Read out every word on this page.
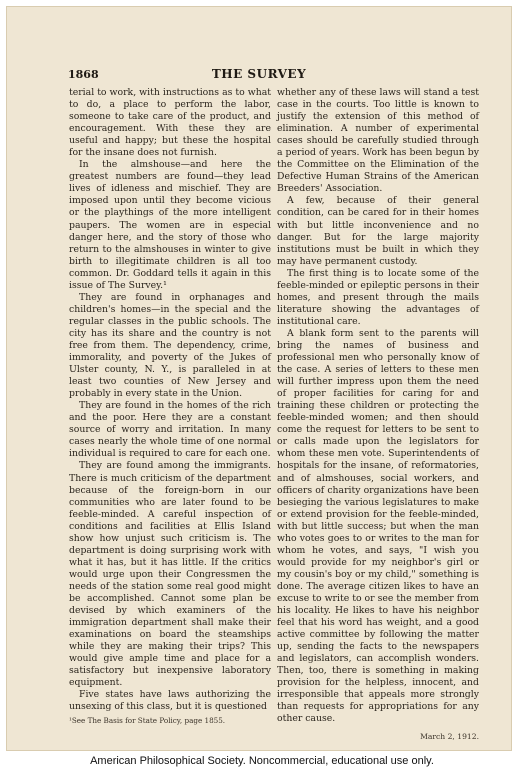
1868	THE SURVEY

terial to work, with instructions as to what to do, a place to perform the labor, someone to take care of the product, and encouragement. With these they are useful and happy; but these the hospital for the insane does not furnish.

In the almshouse—and here the greatest numbers are found—they lead lives of idleness and mischief. They are imposed upon until they become vicious or the playthings of the more intelligent paupers. The women are in especial danger here, and the story of those who return to the almshouses in winter to give birth to illegitimate children is all too common. Dr. Goddard tells it again in this issue of The Survey.¹

They are found in orphanages and children's homes—in the special and the regular classes in the public schools. The city has its share and the country is not free from them. The dependency, crime, immorality, and poverty of the Jukes of Ulster county, N. Y., is paralleled in at least two counties of New Jersey and probably in every state in the Union.

They are found in the homes of the rich and the poor. Here they are a constant source of worry and irritation. In many cases nearly the whole time of one normal individual is required to care for each one.

They are found among the immigrants. There is much criticism of the department because of the foreign-born in our communities who are later found to be feeble-minded. A careful inspection of conditions and facilities at Ellis Island show how unjust such criticism is. The department is doing surprising work with what it has, but it has little. If the critics would urge upon their Congressmen the needs of the station some real good might be accomplished. Cannot some plan be devised by which examiners of the immigration department shall make their examinations on board the steamships while they are making their trips? This would give ample time and place for a satisfactory but inexpensive laboratory equipment.

Five states have laws authorizing the unsexing of this class, but it is questioned

¹See The Basis for State Policy, page 1855.

whether any of these laws will stand a test case in the courts. Too little is known to justify the extension of this method of elimination. A number of experimental cases should be carefully studied through a period of years. Work has been begun by the Committee on the Elimination of the Defective Human Strains of the American Breeders' Association.

A few, because of their general condition, can be cared for in their homes with but little inconvenience and no danger. But for the large majority institutions must be built in which they may have permanent custody.

The first thing is to locate some of the feeble-minded or epileptic persons in their homes, and present through the mails literature showing the advantages of institutional care.

A blank form sent to the parents will bring the names of business and professional men who personally know of the case. A series of letters to these men will further impress upon them the need of proper facilities for caring for and training these children or protecting the feeble-minded women; and then should come the request for letters to be sent to or calls made upon the legislators for whom these men vote. Superintendents of hospitals for the insane, of reformatories, and of almshouses, social workers, and officers of charity organizations have been besieging the various legislatures to make or extend provision for the feeble-minded, with but little success; but when the man who votes goes to or writes to the man for whom he votes, and says, "I wish you would provide for my neighbor's girl or my cousin's boy or my child," something is done. The average citizen likes to have an excuse to write to or see the member from his locality. He likes to have his neighbor feel that his word has weight, and a good active committee by following the matter up, sending the facts to the newspapers and legislators, can accomplish wonders. Then, too, there is something in making provision for the helpless, innocent, and irresponsible that appeals more strongly than requests for appropriations for any other cause.

March 2, 1912.
American Philosophical Society. Noncommercial, educational use only.
